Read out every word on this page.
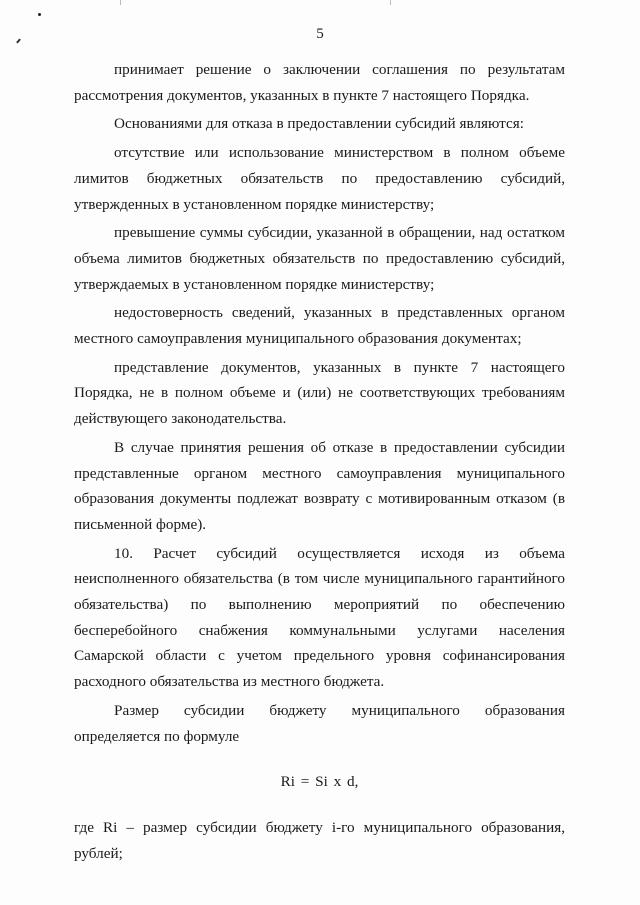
5

принимает решение о заключении соглашения по результатам рассмотрения документов, указанных в пункте 7 настоящего Порядка.

Основаниями для отказа в предоставлении субсидий являются:

отсутствие или использование министерством в полном объеме лимитов бюджетных обязательств по предоставлению субсидий, утвержденных в установленном порядке министерству;

превышение суммы субсидии, указанной в обращении, над остатком объема лимитов бюджетных обязательств по предоставлению субсидий, утверждаемых в установленном порядке министерству;

недостоверность сведений, указанных в представленных органом местного самоуправления муниципального образования документах;

представление документов, указанных в пункте 7 настоящего Порядка, не в полном объеме и (или) не соответствующих требованиям действующего законодательства.

В случае принятия решения об отказе в предоставлении субсидии представленные органом местного самоуправления муниципального образования документы подлежат возврату с мотивированным отказом (в письменной форме).

10. Расчет субсидий осуществляется исходя из объема неисполненного обязательства (в том числе муниципального гарантийного обязательства) по выполнению мероприятий по обеспечению бесперебойного снабжения коммунальными услугами населения Самарской области с учетом предельного уровня софинансирования расходного обязательства из местного бюджета.

Размер субсидии бюджету муниципального образования определяется по формуле

Ri = Si x d,

где Ri – размер субсидии бюджету i-го муниципального образования, рублей;
